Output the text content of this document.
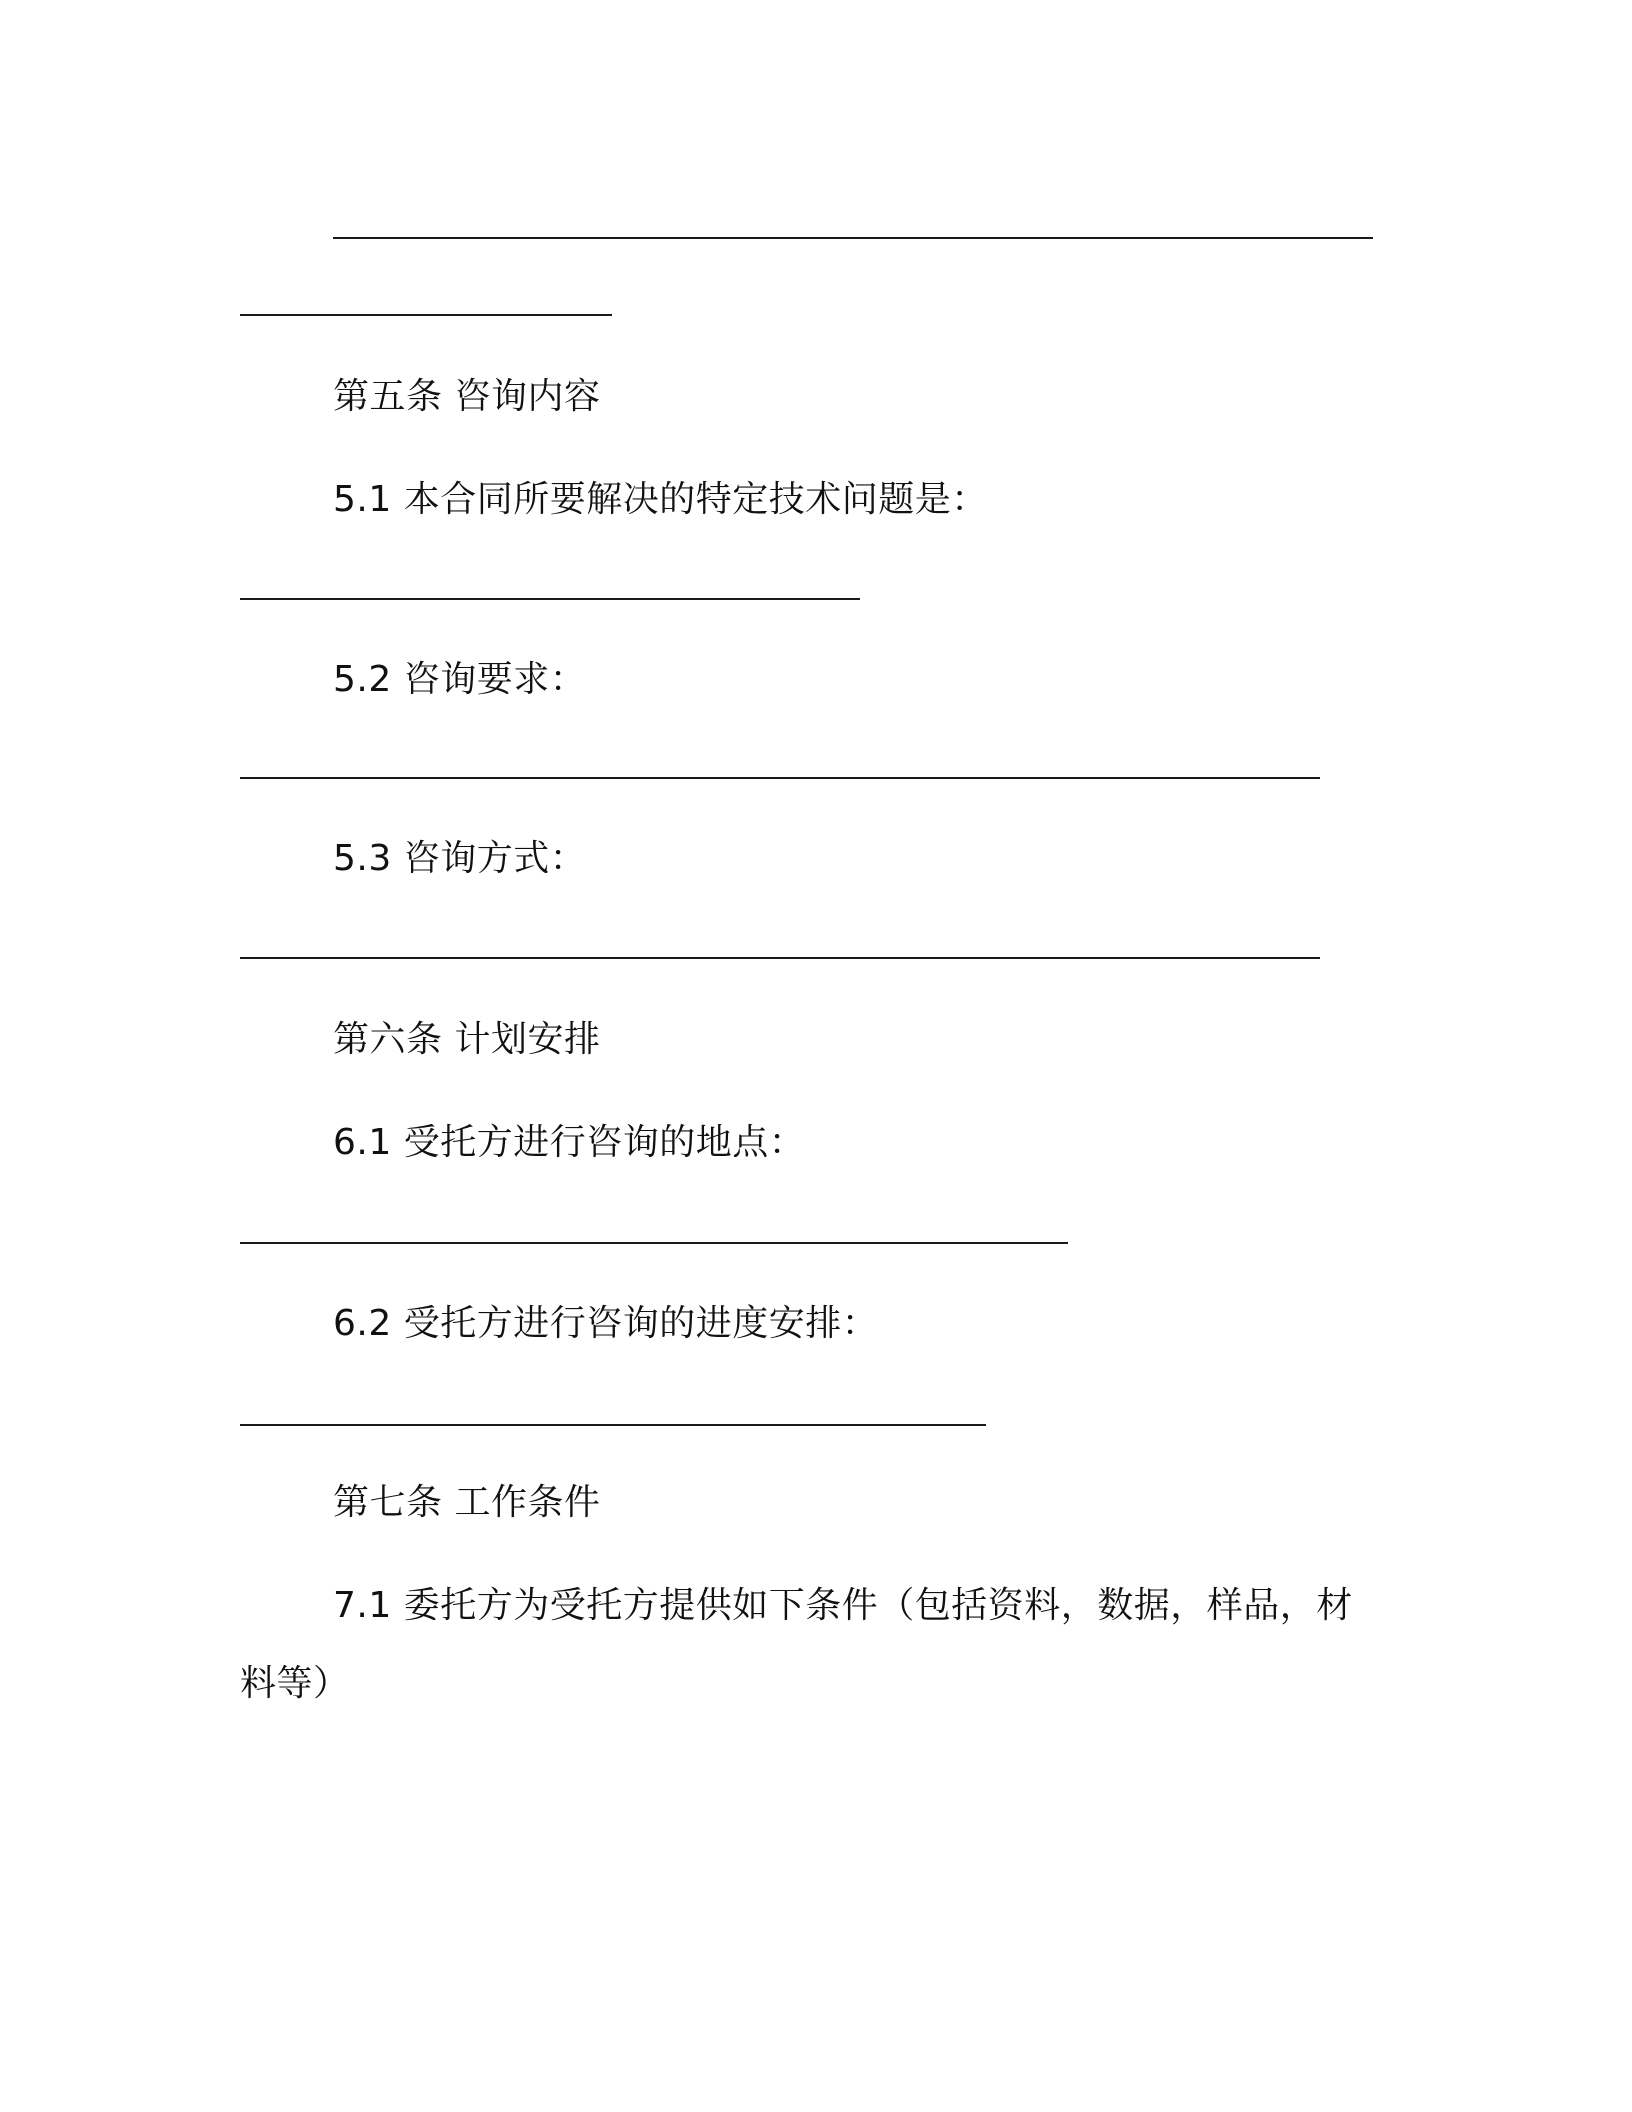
第五条 咨询内容
5.1 本合同所要解决的特定技术问题是：
5.2 咨询要求：
5.3 咨询方式：
第六条 计划安排
6.1 受托方进行咨询的地点：
6.2 受托方进行咨询的进度安排：
第七条 工作条件
7.1 委托方为受托方提供如下条件（包括资料，数据，样品，材
料等）
